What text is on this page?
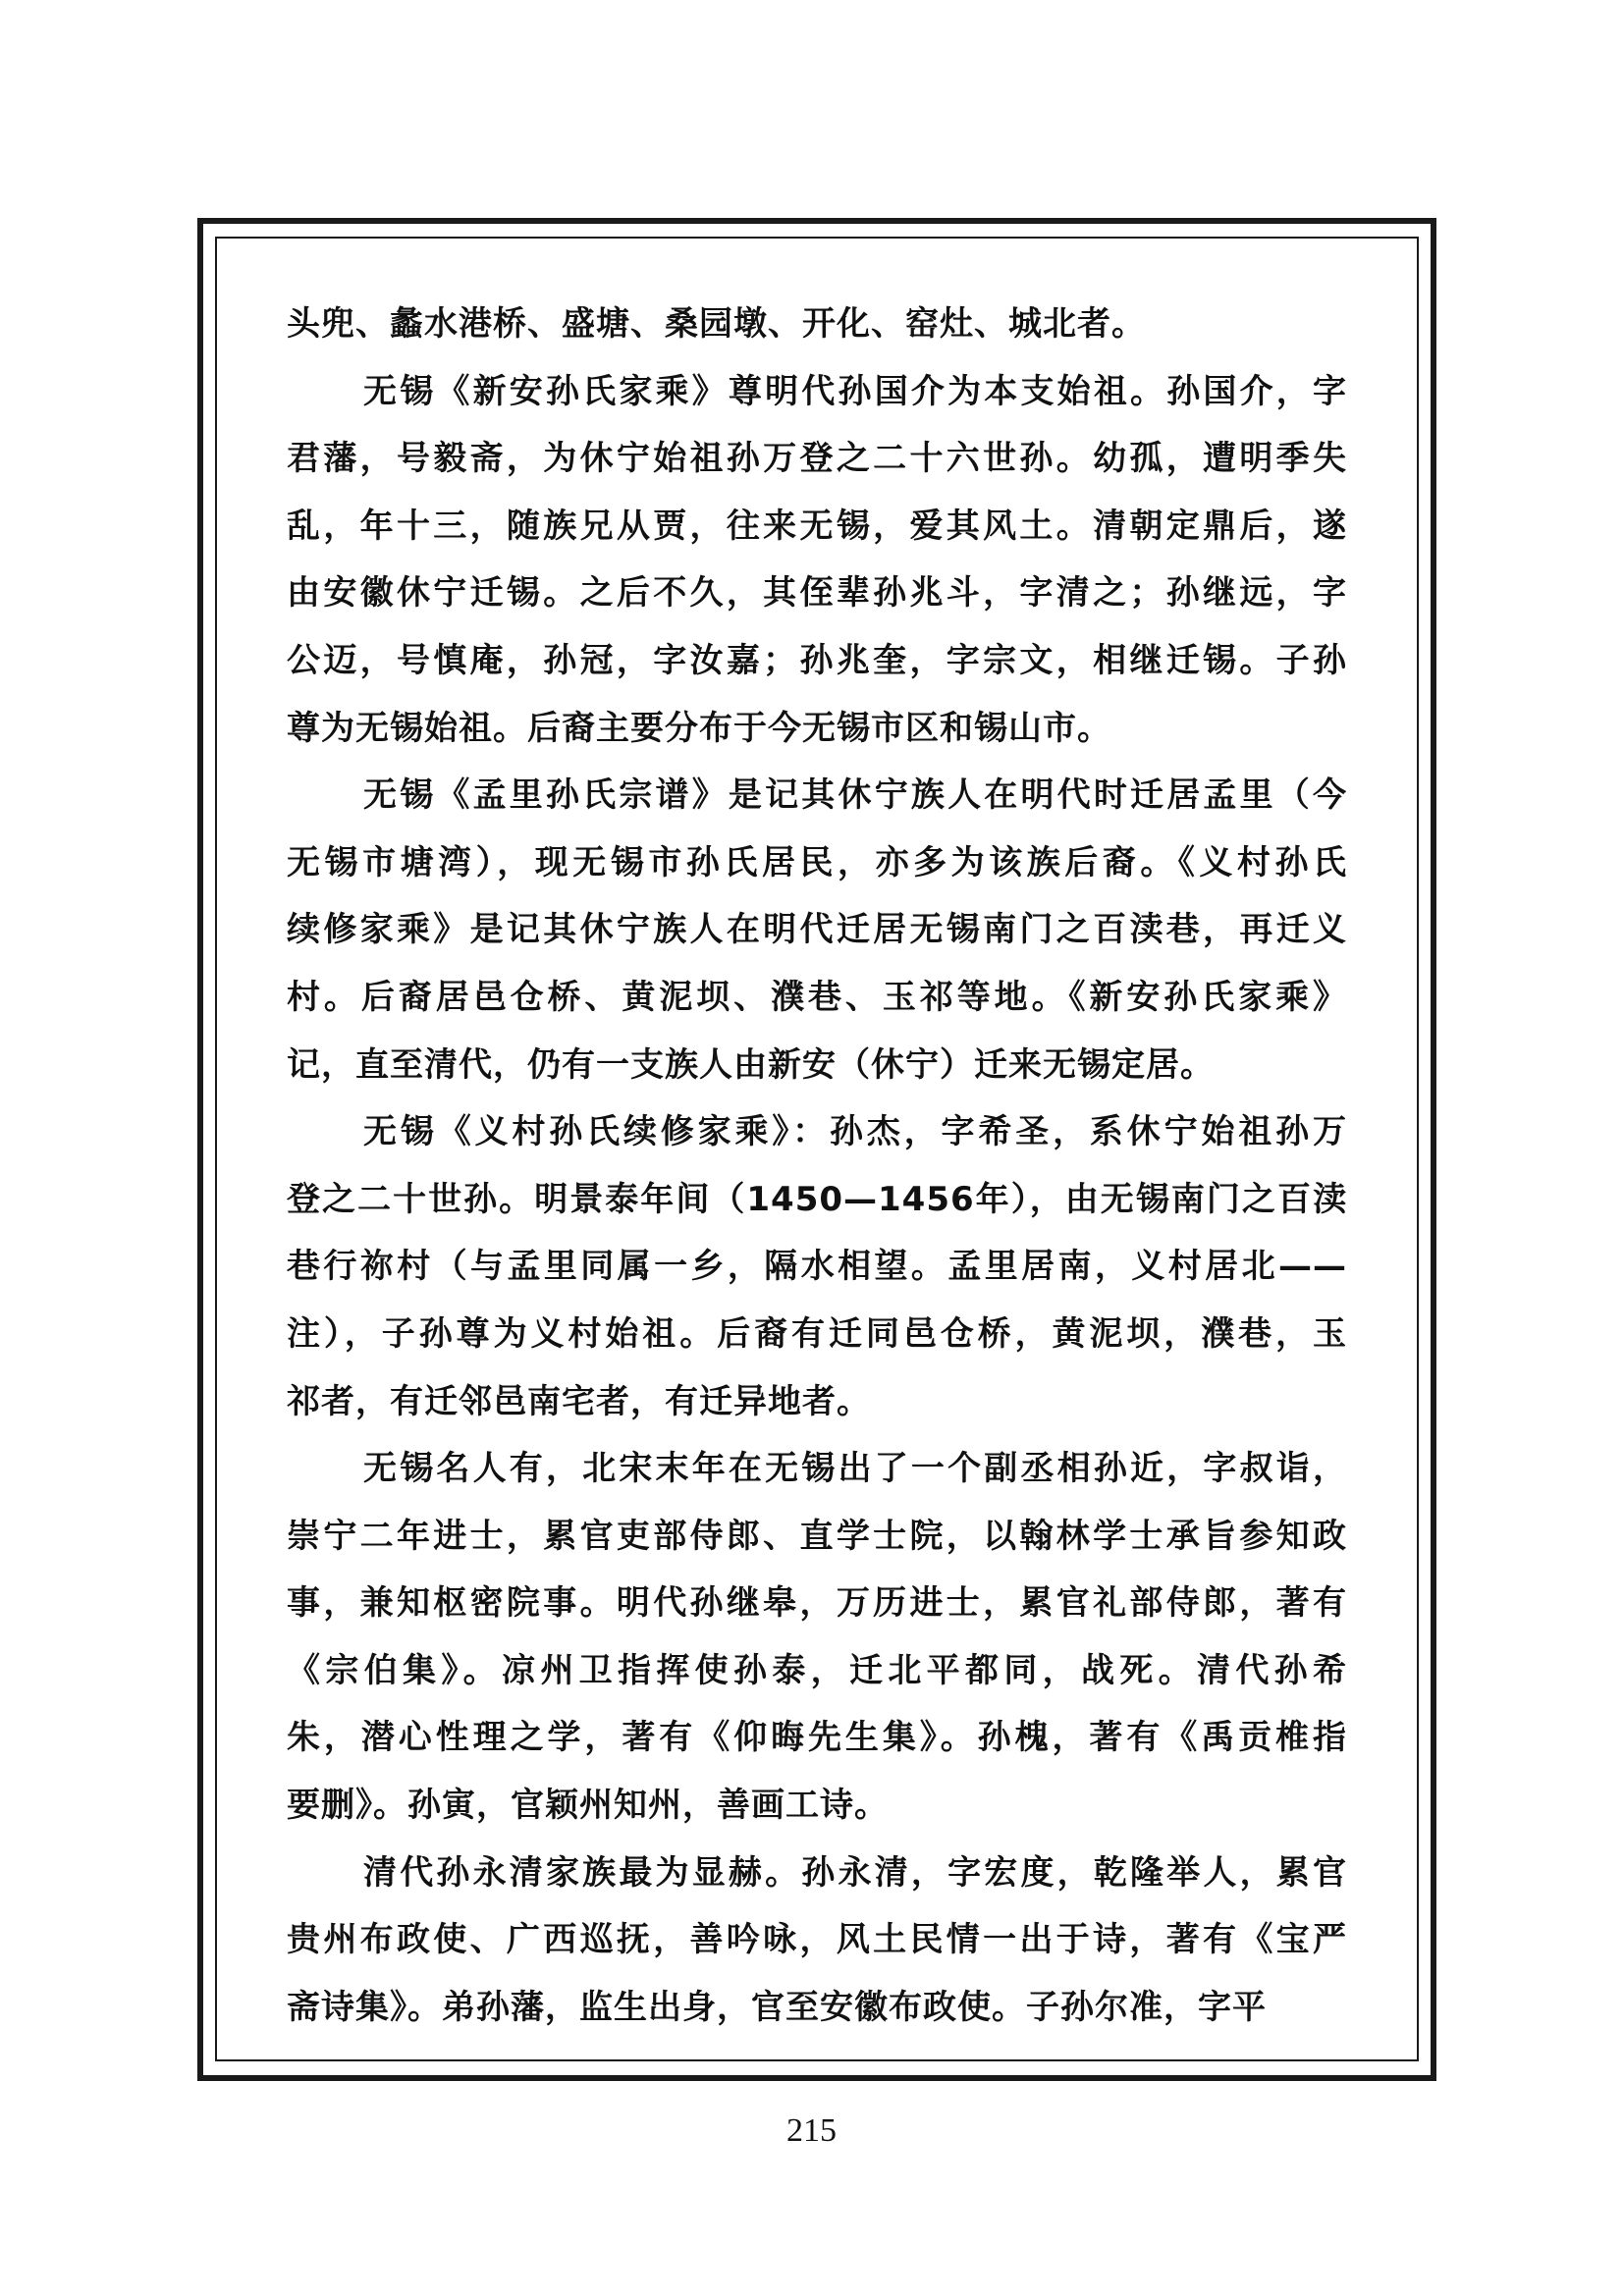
头兜、蠡水港桥、盛塘、桑园墩、开化、窑灶、城北者。
无锡《新安孙氏家乘》尊明代孙国介为本支始祖。孙国介，字
君藩，号毅斋，为休宁始祖孙万登之二十六世孙。幼孤，遭明季失
乱，年十三，随族兄从贾，往来无锡，爱其风土。清朝定鼎后，遂
由安徽休宁迁锡。之后不久，其侄辈孙兆斗，字清之；孙继远，字
公迈，号慎庵，孙冠，字汝嘉；孙兆奎，字宗文，相继迁锡。子孙
尊为无锡始祖。后裔主要分布于今无锡市区和锡山市。
无锡《孟里孙氏宗谱》是记其休宁族人在明代时迁居孟里（今
无锡市塘湾），现无锡市孙氏居民，亦多为该族后裔。《义村孙氏
续修家乘》是记其休宁族人在明代迁居无锡南门之百渎巷，再迁义
村。后裔居邑仓桥、黄泥坝、濮巷、玉祁等地。《新安孙氏家乘》
记，直至清代，仍有一支族人由新安（休宁）迁来无锡定居。
无锡《义村孙氏续修家乘》：孙杰，字希圣，系休宁始祖孙万
登之二十世孙。明景泰年间（1450—1456年），由无锡南门之百渎
巷行祢村（与孟里同属一乡，隔水相望。孟里居南，义村居北——
注），子孙尊为义村始祖。后裔有迁同邑仓桥，黄泥坝，濮巷，玉
祁者，有迁邻邑南宅者，有迁异地者。
无锡名人有，北宋末年在无锡出了一个副丞相孙近，字叔诣，
崇宁二年进士，累官吏部侍郎、直学士院，以翰林学士承旨参知政
事，兼知枢密院事。明代孙继皋，万历进士，累官礼部侍郎，著有
《宗伯集》。凉州卫指挥使孙泰，迁北平都同，战死。清代孙希
朱，潜心性理之学，著有《仰晦先生集》。孙槐，著有《禹贡椎指
要删》。孙寅，官颖州知州，善画工诗。
清代孙永清家族最为显赫。孙永清，字宏度，乾隆举人，累官
贵州布政使、广西巡抚，善吟咏，风土民情一出于诗，著有《宝严
斋诗集》。弟孙藩，监生出身，官至安徽布政使。子孙尔准，字平
215
